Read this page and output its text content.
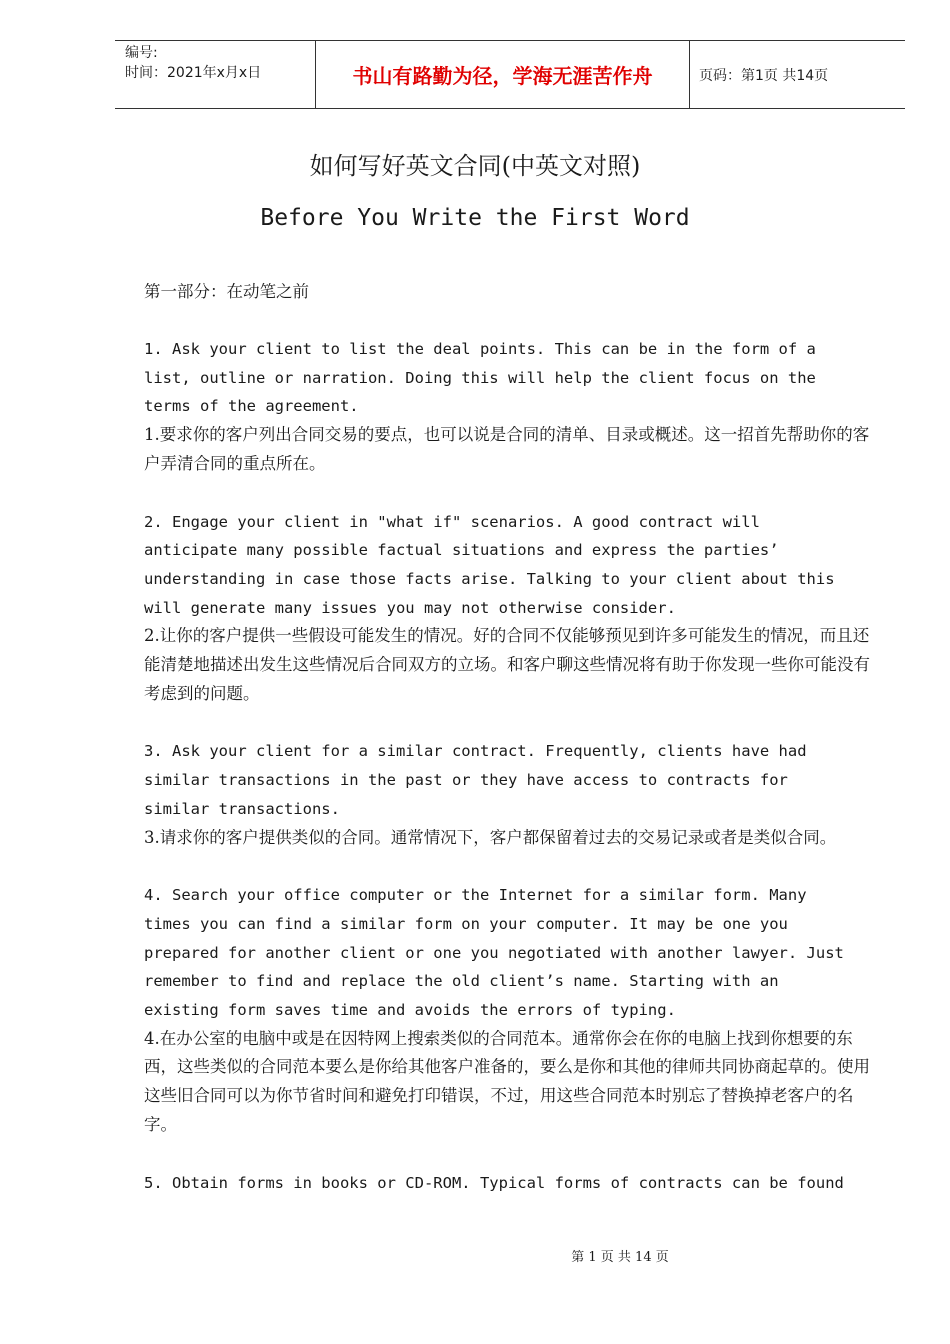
编号:
时间：2021年x月x日	书山有路勤为径，学海无涯苦作舟	页码：第1页 共14页
如何写好英文合同(中英文对照)
Before You Write the First Word

第一部分：在动笔之前

1. Ask your client to list the deal points. This can be in the form of a
list, outline or narration. Doing this will help the client focus on the
terms of the agreement.

1.要求你的客户列出合同交易的要点，也可以说是合同的清单、目录或概述。这一招首先帮助你的客户弄清合同的重点所在。

2. Engage your client in "what if" scenarios. A good contract will
anticipate many possible factual situations and express the parties’
understanding in case those facts arise. Talking to your client about this
will generate many issues you may not otherwise consider.

2.让你的客户提供一些假设可能发生的情况。好的合同不仅能够预见到许多可能发生的情况，而且还能清楚地描述出发生这些情况后合同双方的立场。和客户聊这些情况将有助于你发现一些你可能没有考虑到的问题。

3. Ask your client for a similar contract. Frequently, clients have had
similar transactions in the past or they have access to contracts for
similar transactions.

3.请求你的客户提供类似的合同。通常情况下，客户都保留着过去的交易记录或者是类似合同。

4. Search your office computer or the Internet for a similar form. Many
times you can find a similar form on your computer. It may be one you
prepared for another client or one you negotiated with another lawyer. Just
remember to find and replace the old client’s name. Starting with an
existing form saves time and avoids the errors of typing.

4.在办公室的电脑中或是在因特网上搜索类似的合同范本。通常你会在你的电脑上找到你想要的东西，这些类似的合同范本要么是你给其他客户准备的，要么是你和其他的律师共同协商起草的。使用这些旧合同可以为你节省时间和避免打印错误，不过，用这些合同范本时别忘了替换掉老客户的名字。

5. Obtain forms in books or CD-ROM. Typical forms of contracts can be found

第 1 页 共 14 页
